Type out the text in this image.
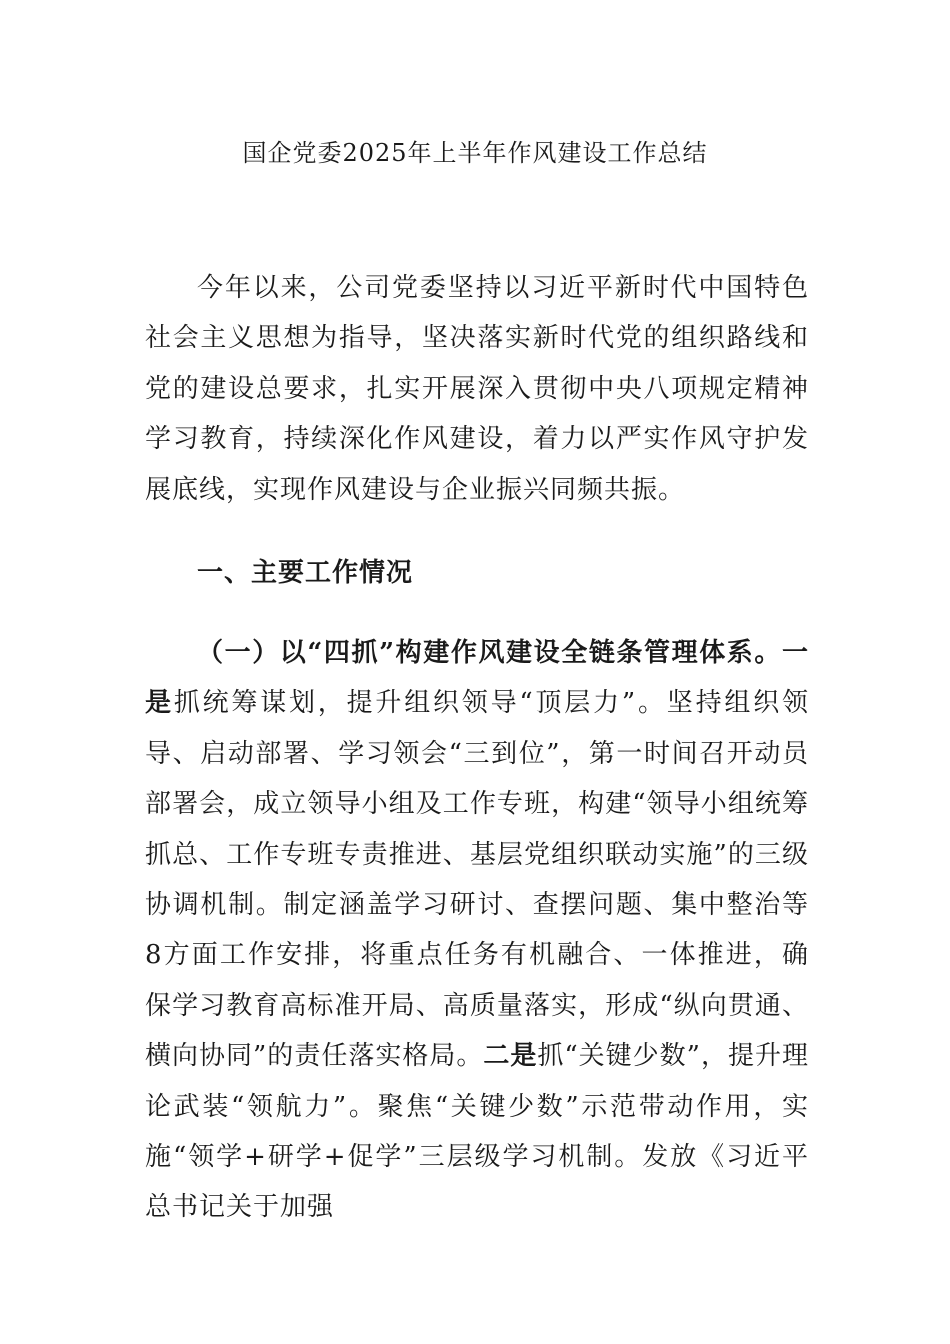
国企党委2025年上半年作风建设工作总结

今年以来，公司党委坚持以习近平新时代中国特色社会主义思想为指导，坚决落实新时代党的组织路线和党的建设总要求，扎实开展深入贯彻中央八项规定精神学习教育，持续深化作风建设，着力以严实作风守护发展底线，实现作风建设与企业振兴同频共振。

一、主要工作情况

（一）以“四抓”构建作风建设全链条管理体系。一是抓统筹谋划，提升组织领导“顶层力”。坚持组织领导、启动部署、学习领会“三到位”，第一时间召开动员部署会，成立领导小组及工作专班，构建“领导小组统筹抓总、工作专班专责推进、基层党组织联动实施”的三级协调机制。制定涵盖学习研讨、查摆问题、集中整治等8方面工作安排，将重点任务有机融合、一体推进，确保学习教育高标准开局、高质量落实，形成“纵向贯通、横向协同”的责任落实格局。二是抓“关键少数”，提升理论武装“领航力”。聚焦“关键少数”示范带动作用，实施“领学+研学+促学”三层级学习机制。发放《习近平总书记关于加强
